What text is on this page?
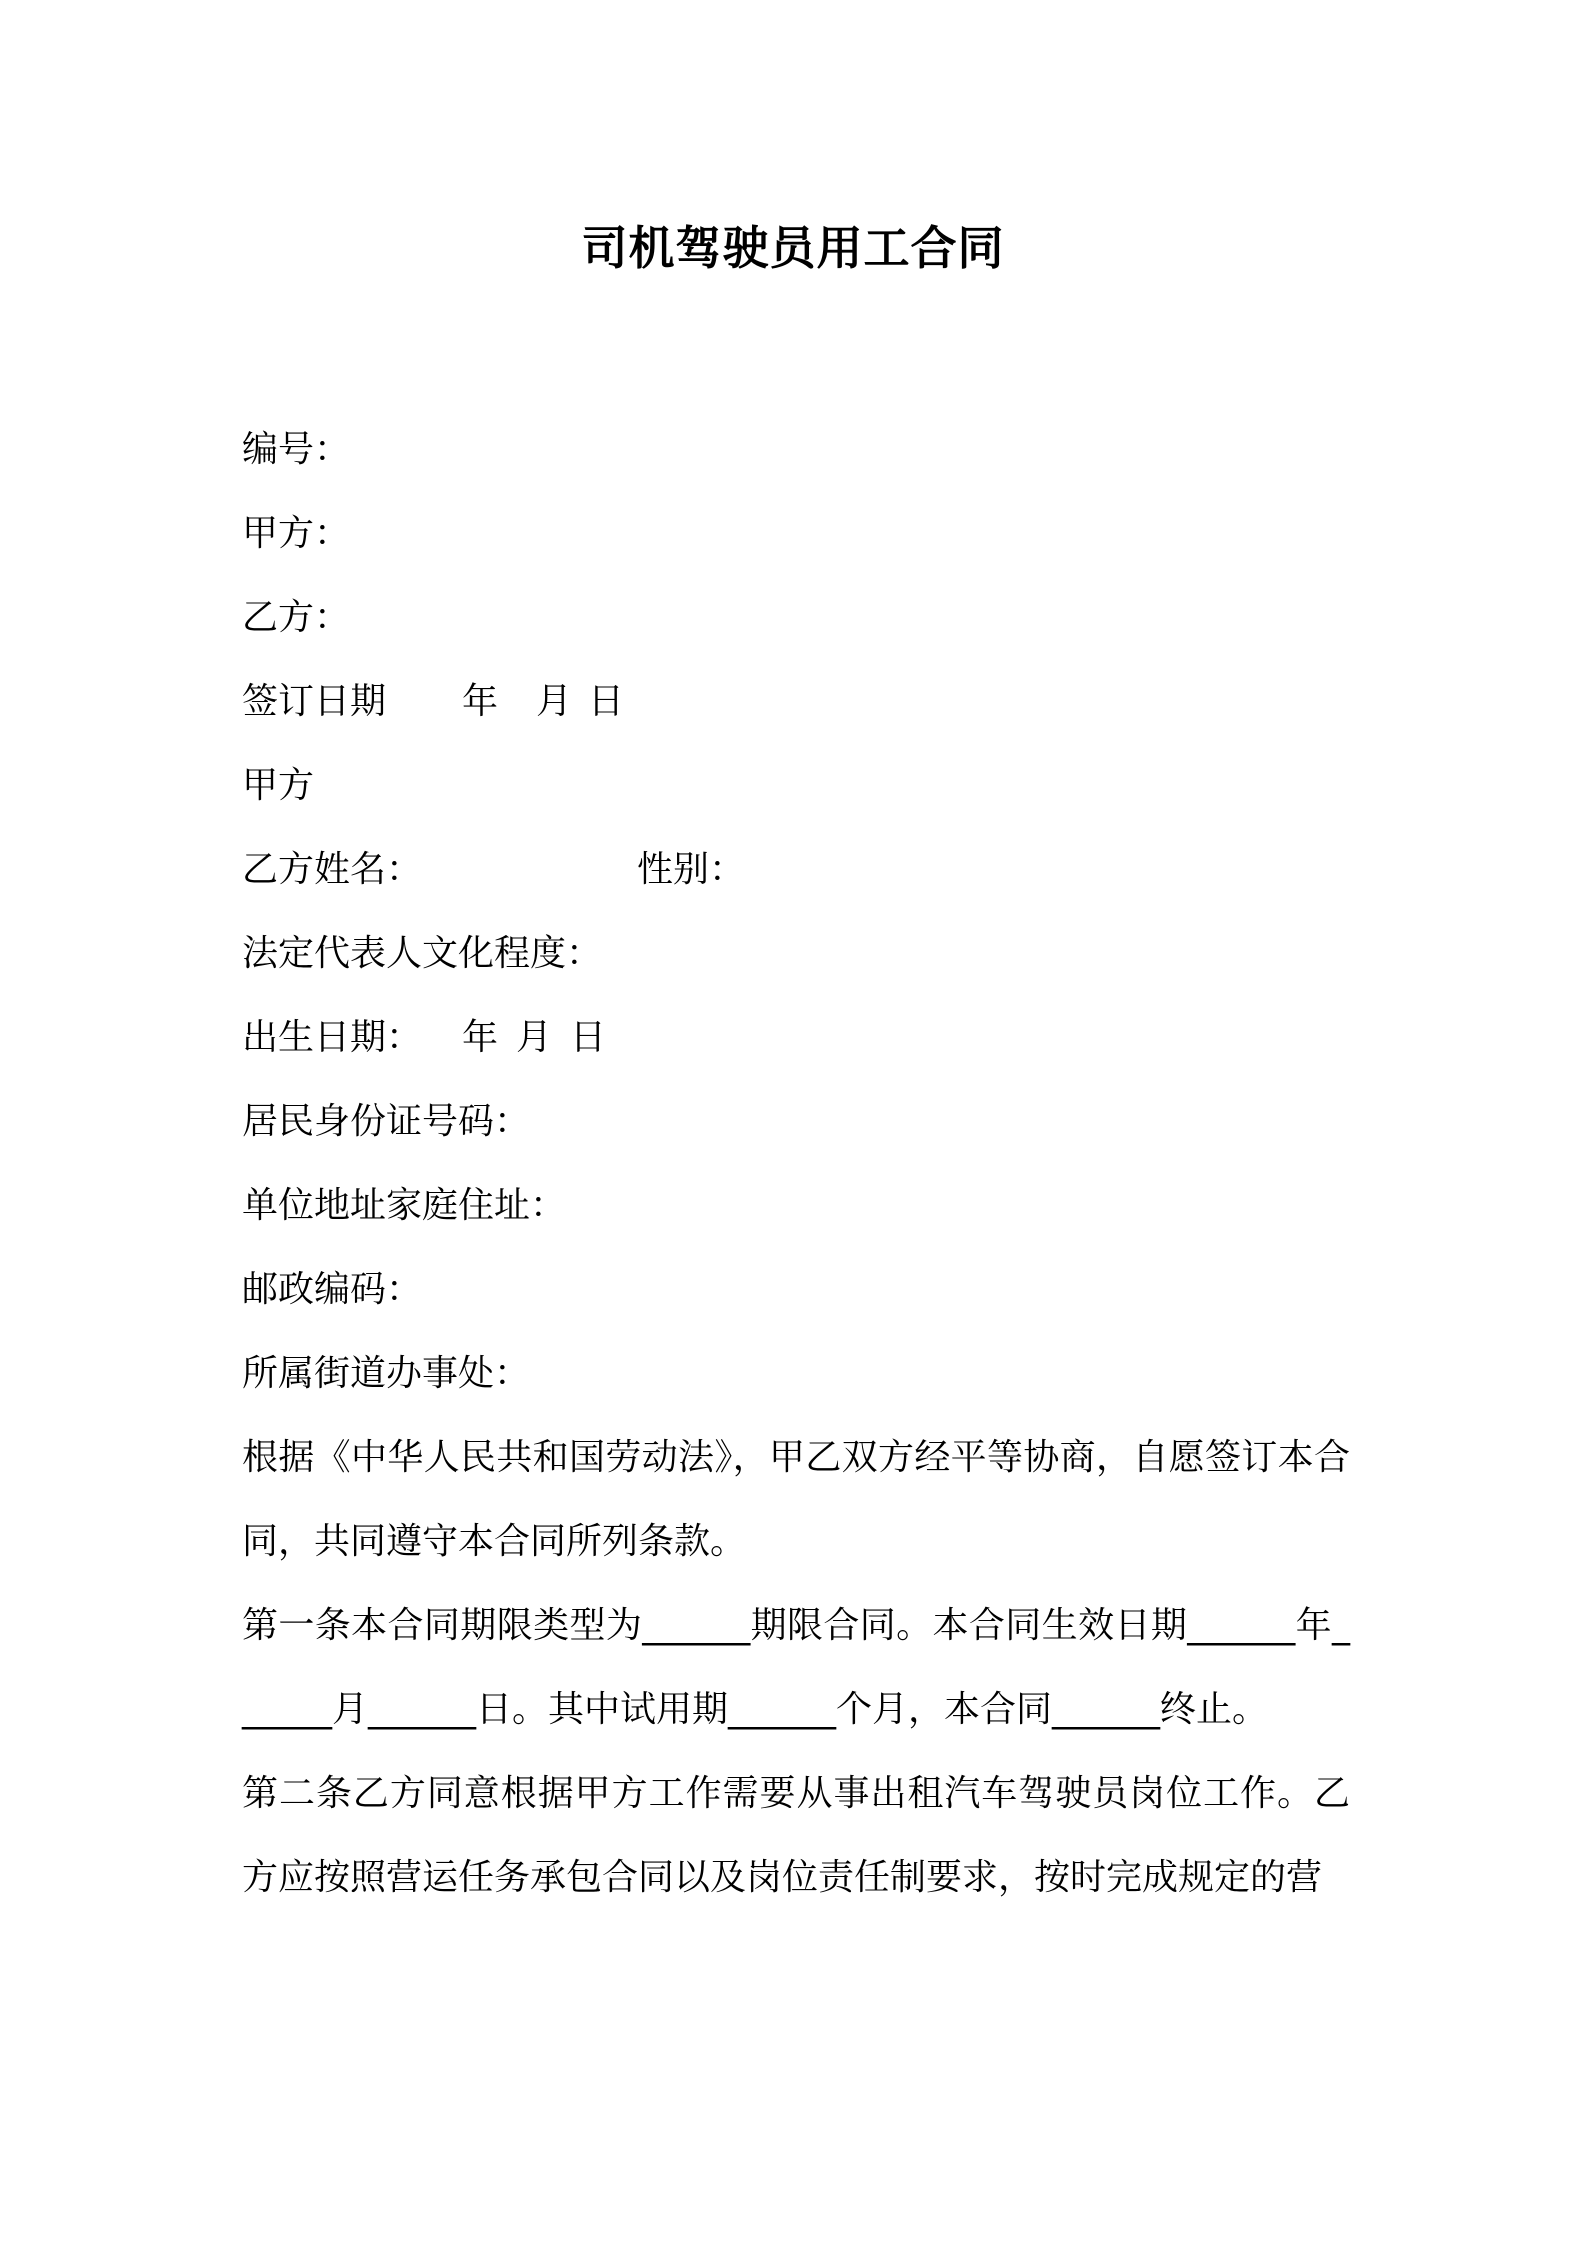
司机驾驶员用工合同
编号：
甲方：
乙方：
签订日期 年 月 日
甲方
乙方姓名：	性别：
法定代表人文化程度：
出生日期： 年 月 日
居民身份证号码：
单位地址家庭住址：
邮政编码：
所属街道办事处：
根据《中华人民共和国劳动法》，甲乙双方经平等协商，自愿签订本合同，共同遵守本合同所列条款。
第一条本合同期限类型为______期限合同。本合同生效日期______年______月______日。其中试用期______个月，本合同______终止。
第二条乙方同意根据甲方工作需要从事出租汽车驾驶员岗位工作。乙方应按照营运任务承包合同以及岗位责任制要求，按时完成规定的营
